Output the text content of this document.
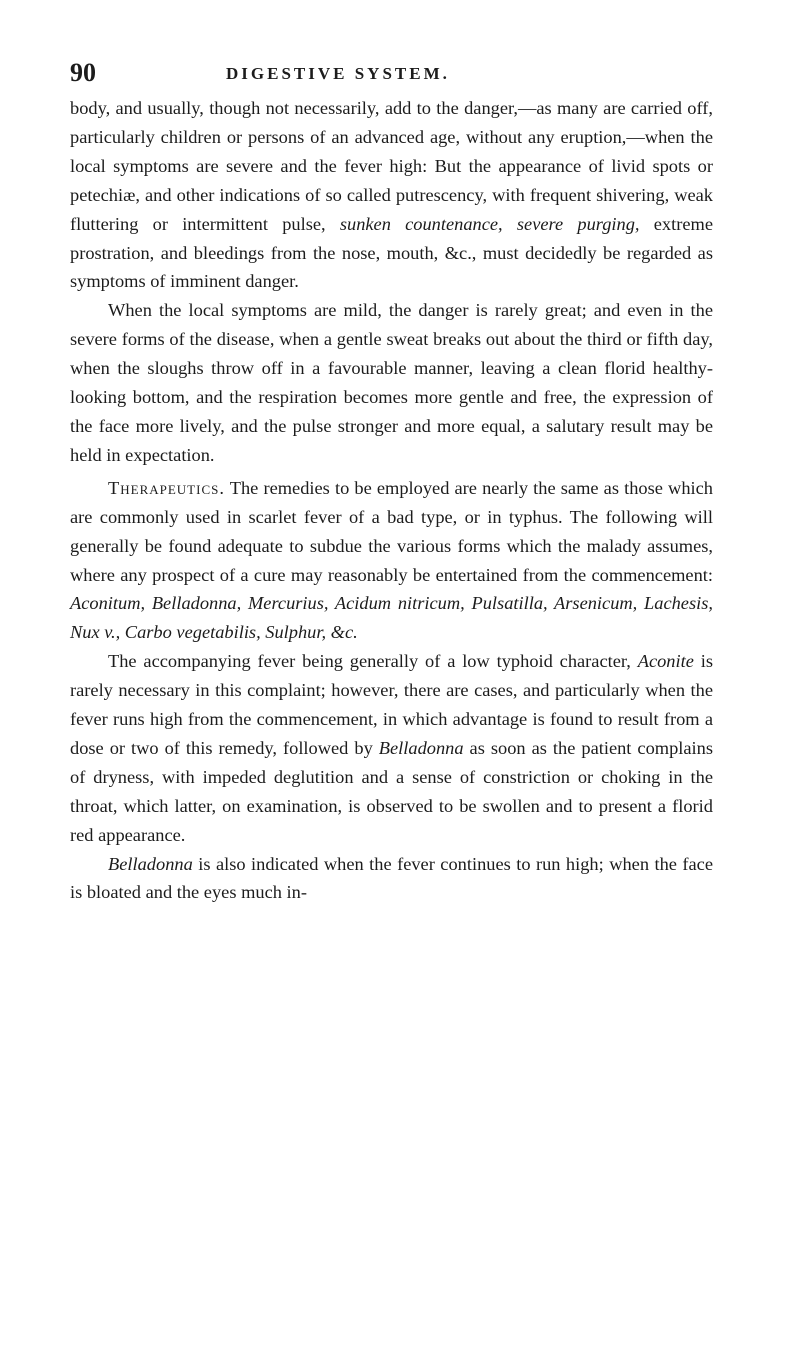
90	DIGESTIVE SYSTEM.

body, and usually, though not necessarily, add to the danger,—as many are carried off, particularly children or persons of an advanced age, without any eruption,—when the local symptoms are severe and the fever high: But the appearance of livid spots or petechiæ, and other indications of so called putrescency, with frequent shivering, weak fluttering or intermittent pulse, sunken countenance, severe purging, extreme prostration, and bleedings from the nose, mouth, &c., must decidedly be regarded as symptoms of imminent danger.

When the local symptoms are mild, the danger is rarely great; and even in the severe forms of the disease, when a gentle sweat breaks out about the third or fifth day, when the sloughs throw off in a favourable manner, leaving a clean florid healthy-looking bottom, and the respiration becomes more gentle and free, the expression of the face more lively, and the pulse stronger and more equal, a salutary result may be held in expectation.

Therapeutics. The remedies to be employed are nearly the same as those which are commonly used in scarlet fever of a bad type, or in typhus. The following will generally be found adequate to subdue the various forms which the malady assumes, where any prospect of a cure may reasonably be entertained from the commencement: Aconitum, Belladonna, Mercurius, Acidum nitricum, Pulsatilla, Arsenicum, Lachesis, Nux v., Carbo vegetabilis, Sulphur, &c.

The accompanying fever being generally of a low typhoid character, Aconite is rarely necessary in this complaint; however, there are cases, and particularly when the fever runs high from the commencement, in which advantage is found to result from a dose or two of this remedy, followed by Belladonna as soon as the patient complains of dryness, with impeded deglutition and a sense of constriction or choking in the throat, which latter, on examination, is observed to be swollen and to present a florid red appearance.

Belladonna is also indicated when the fever continues to run high; when the face is bloated and the eyes much in-
